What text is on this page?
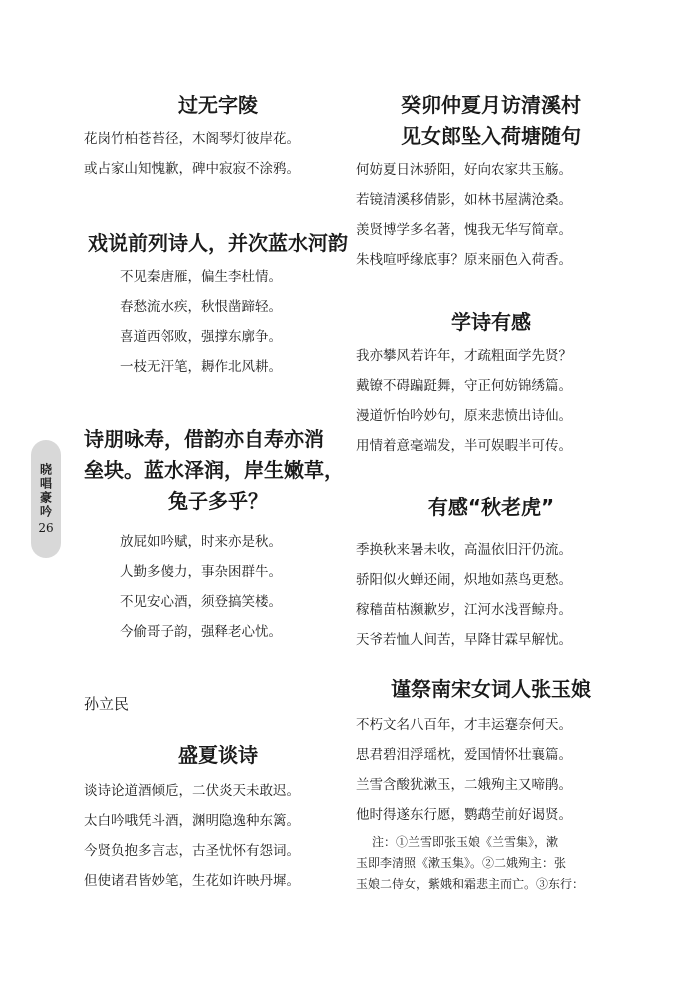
过无字陵
花岗竹柏苍苔径，木阁琴灯彼岸花。
或占家山知愧歉，碑中寂寂不涂鸦。
戏说前列诗人，并次蓝水河韵
不见秦唐雁，偏生李杜情。
春愁流水疾，秋恨凿蹄轻。
喜道西邻败，强撑东廓争。
一枝无汗笔，耨作北风耕。
诗朋咏寿，借韵亦自寿亦消
垒块。蓝水泽润，岸生嫩草，
兔子多乎？
放屁如吟赋，时来亦是秋。
人勤多傻力，事杂困群牛。
不见安心酒，须登搞笑楼。
今偷哥子韵，强释老心忧。
孙立民
盛夏谈诗
谈诗论道酒倾卮，二伏炎天未敢迟。
太白吟哦凭斗酒，渊明隐逸种东篱。
今贤负抱多言志，古圣忧怀有怨词。
但使诸君皆妙笔，生花如许映丹墀。
晓唱豪吟
26
癸卯仲夏月访清溪村
见女郎坠入荷塘随句
何妨夏日沐骄阳，好向农家共玉觞。
若镜清溪移倩影，如林书屋满沧桑。
羡贤博学多名著，愧我无华写简章。
朱栈喧呼缘底事？原来丽色入荷香。
学诗有感
我亦攀风若许年，才疏粗面学先贤？
戴镣不碍蹁跹舞，守正何妨锦绣篇。
漫道忻怡吟妙句，原来悲愤出诗仙。
用情着意毫端发，半可娱暇半可传。
有感“秋老虎”
季换秋来暑未收，高温依旧汗仍流。
骄阳似火蝉还闹，炽地如蒸鸟更愁。
稼穑苗枯濒歉岁，江河水浅晋鲸舟。
天爷若恤人间苦，早降甘霖早解忧。
谨祭南宋女词人张玉娘
不朽文名八百年，才丰运蹇奈何天。
思君碧泪浮瑶枕，爱国情怀壮襄篇。
兰雪含酸犹漱玉，二娥殉主又啼鹃。
他时得遂东行愿，鹦鹉茔前好谒贤。
注：①兰雪即张玉娘《兰雪集》，漱
玉即李清照《漱玉集》。②二娥殉主：张
玉娘二侍女，紫娥和霜悲主而亡。③东行：
